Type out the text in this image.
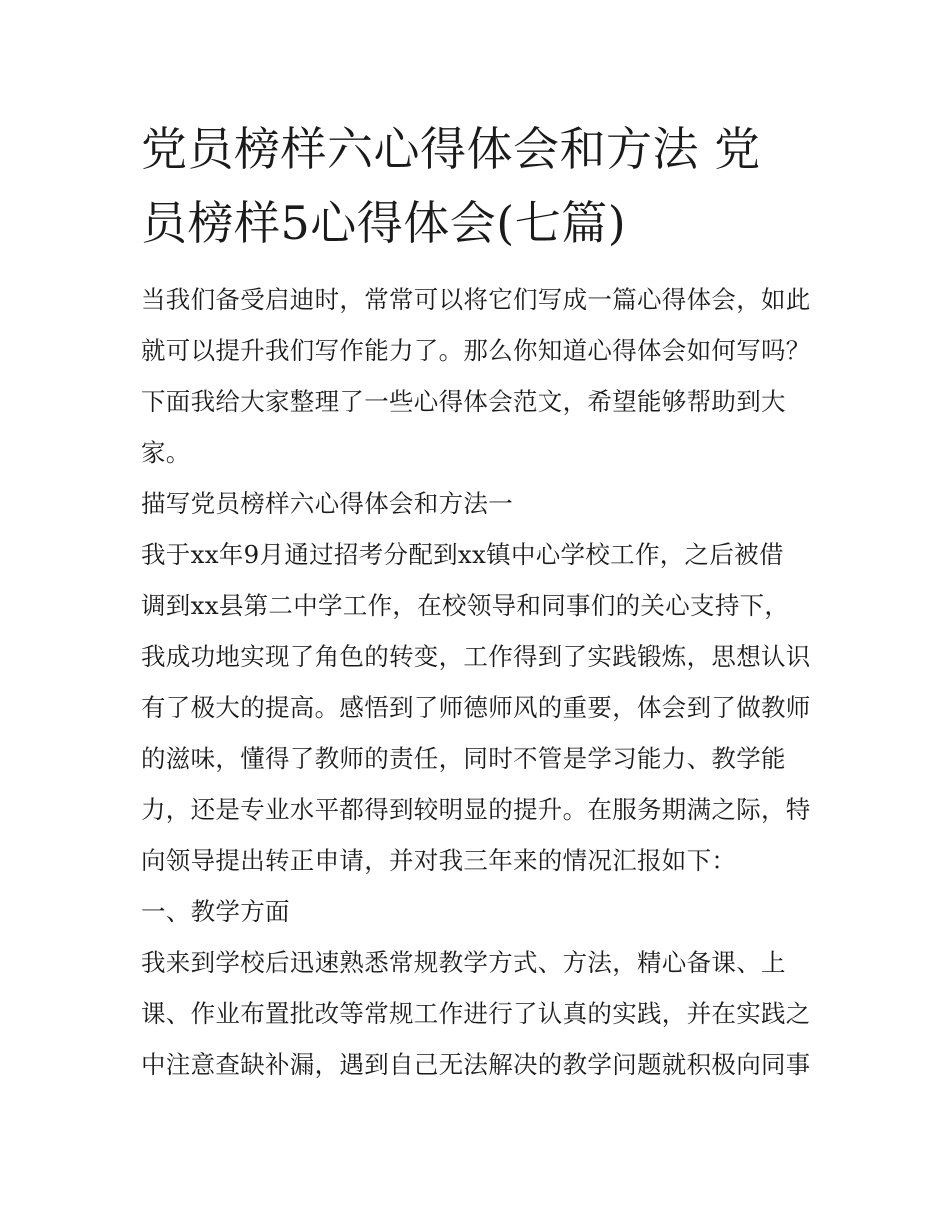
党员榜样六心得体会和方法 党
员榜样5心得体会(七篇)

当我们备受启迪时，常常可以将它们写成一篇心得体会，如此
就可以提升我们写作能力了。那么你知道心得体会如何写吗？
下面我给大家整理了一些心得体会范文，希望能够帮助到大
家。

描写党员榜样六心得体会和方法一

我于xx年9月通过招考分配到xx镇中心学校工作，之后被借
调到xx县第二中学工作，在校领导和同事们的关心支持下，
我成功地实现了角色的转变，工作得到了实践锻炼，思想认识
有了极大的提高。感悟到了师德师风的重要，体会到了做教师
的滋味，懂得了教师的责任，同时不管是学习能力、教学能
力，还是专业水平都得到较明显的提升。在服务期满之际，特
向领导提出转正申请，并对我三年来的情况汇报如下：

一、教学方面

我来到学校后迅速熟悉常规教学方式、方法，精心备课、上
课、作业布置批改等常规工作进行了认真的实践，并在实践之
中注意查缺补漏，遇到自己无法解决的教学问题就积极向同事
